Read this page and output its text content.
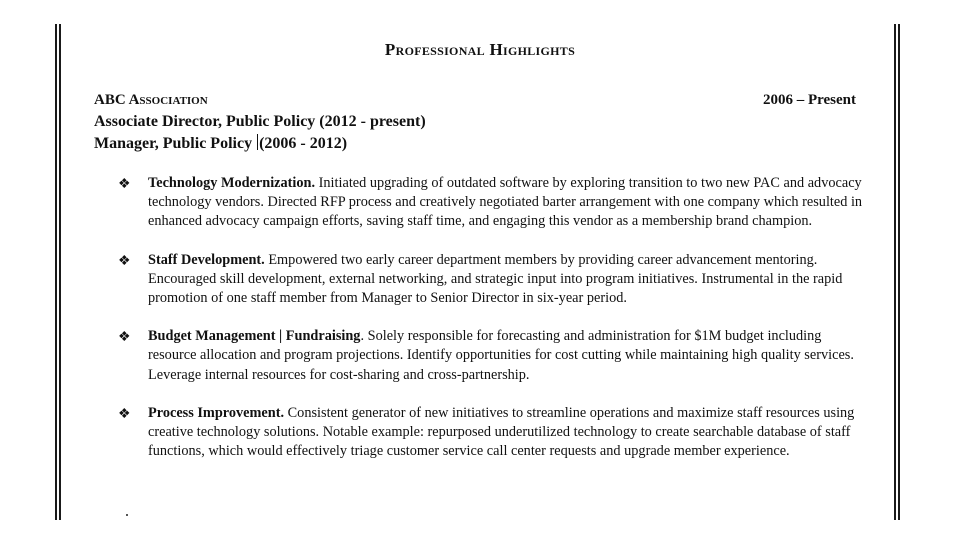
Professional Highlights
ABC Association	2006 – Present
Associate Director, Public Policy (2012 - present)
Manager, Public Policy (2006 - 2012)
❖	Technology Modernization. Initiated upgrading of outdated software by exploring transition to two new PAC and advocacy technology vendors. Directed RFP process and creatively negotiated barter arrangement with one company which resulted in enhanced advocacy campaign efforts, saving staff time, and engaging this vendor as a membership brand champion.
❖	Staff Development. Empowered two early career department members by providing career advancement mentoring. Encouraged skill development, external networking, and strategic input into program initiatives. Instrumental in the rapid promotion of one staff member from Manager to Senior Director in six-year period.
❖	Budget Management | Fundraising. Solely responsible for forecasting and administration for $1M budget including resource allocation and program projections. Identify opportunities for cost cutting while maintaining high quality services. Leverage internal resources for cost-sharing and cross-partnership.
❖	Process Improvement. Consistent generator of new initiatives to streamline operations and maximize staff resources using creative technology solutions. Notable example: repurposed underutilized technology to create searchable database of staff functions, which would effectively triage customer service call center requests and upgrade member experience.
